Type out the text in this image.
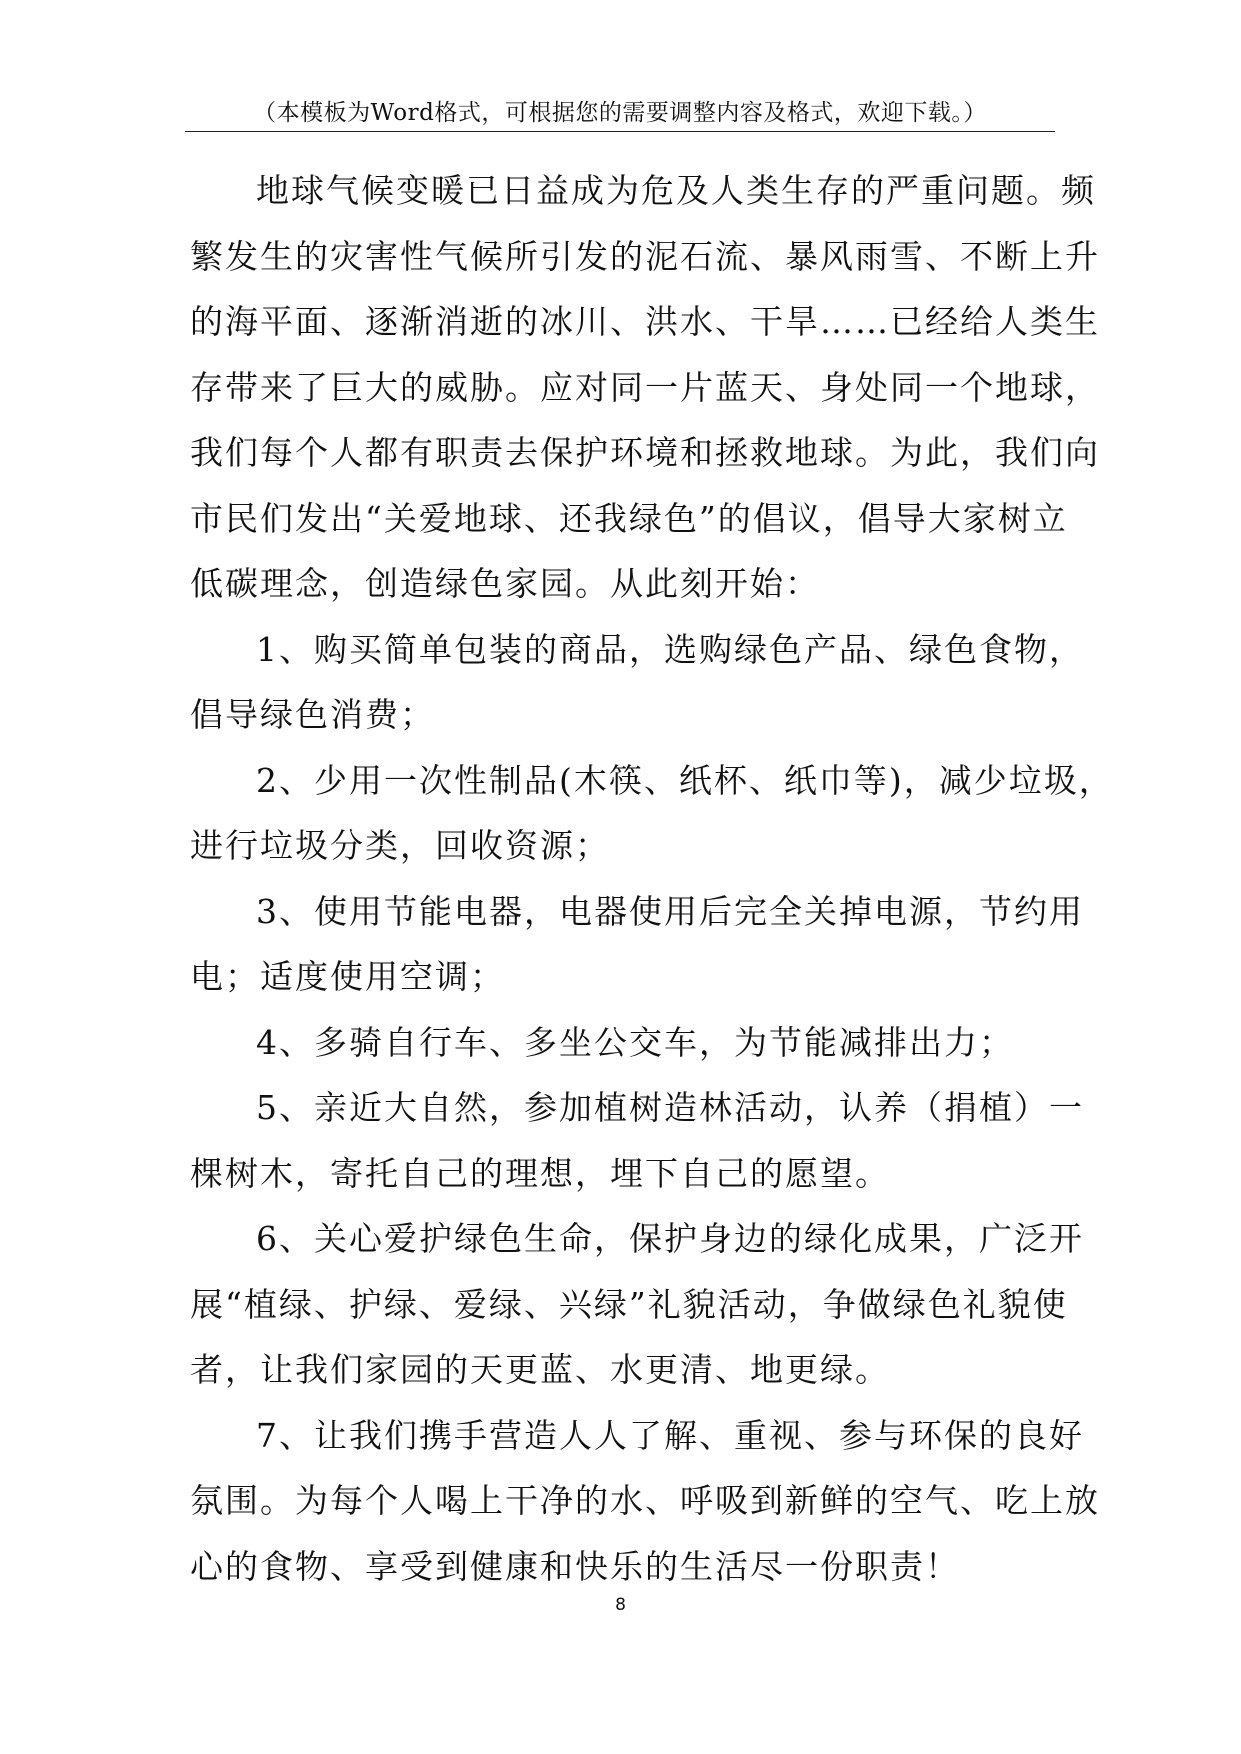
（本模板为Word格式，可根据您的需要调整内容及格式，欢迎下载。）

地球气候变暖已日益成为危及人类生存的严重问题。频
繁发生的灾害性气候所引发的泥石流、暴风雨雪、不断上升
的海平面、逐渐消逝的冰川、洪水、干旱……已经给人类生
存带来了巨大的威胁。应对同一片蓝天、身处同一个地球，
我们每个人都有职责去保护环境和拯救地球。为此，我们向
市民们发出“关爱地球、还我绿色”的倡议，倡导大家树立
低碳理念，创造绿色家园。从此刻开始：

1、购买简单包装的商品，选购绿色产品、绿色食物，
倡导绿色消费；

2、少用一次性制品(木筷、纸杯、纸巾等)，减少垃圾，
进行垃圾分类，回收资源；

3、使用节能电器，电器使用后完全关掉电源，节约用
电；适度使用空调；

4、多骑自行车、多坐公交车，为节能减排出力；

5、亲近大自然，参加植树造林活动，认养（捐植）一
棵树木，寄托自己的理想，埋下自己的愿望。

6、关心爱护绿色生命，保护身边的绿化成果，广泛开
展“植绿、护绿、爱绿、兴绿”礼貌活动，争做绿色礼貌使
者，让我们家园的天更蓝、水更清、地更绿。

7、让我们携手营造人人了解、重视、参与环保的良好
氛围。为每个人喝上干净的水、呼吸到新鲜的空气、吃上放
心的食物、享受到健康和快乐的生活尽一份职责！

8
